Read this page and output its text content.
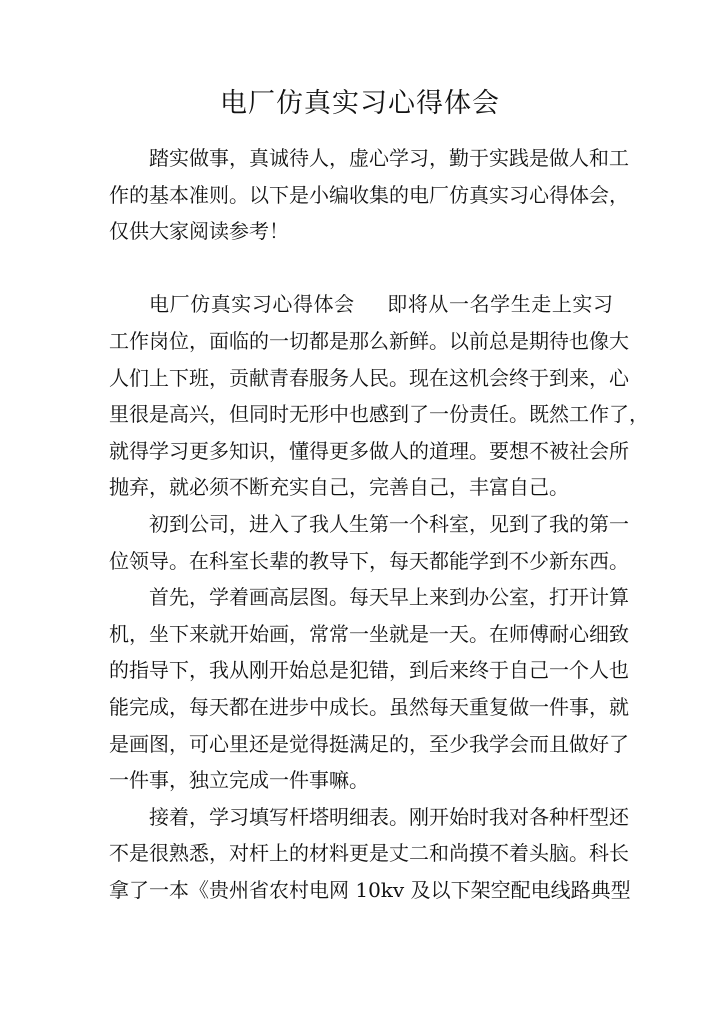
电厂仿真实习心得体会
踏实做事，真诚待人，虚心学习，勤于实践是做人和工
作的基本准则。以下是小编收集的电厂仿真实习心得体会，
仅供大家阅读参考！
电厂仿真实习心得体会 即将从一名学生走上实习
工作岗位，面临的一切都是那么新鲜。以前总是期待也像大
人们上下班，贡献青春服务人民。现在这机会终于到来，心
里很是高兴，但同时无形中也感到了一份责任。既然工作了，
就得学习更多知识，懂得更多做人的道理。要想不被社会所
抛弃，就必须不断充实自己，完善自己，丰富自己。
初到公司，进入了我人生第一个科室，见到了我的第一
位领导。在科室长辈的教导下，每天都能学到不少新东西。
首先，学着画高层图。每天早上来到办公室，打开计算
机，坐下来就开始画，常常一坐就是一天。在师傅耐心细致
的指导下，我从刚开始总是犯错，到后来终于自己一个人也
能完成，每天都在进步中成长。虽然每天重复做一件事，就
是画图，可心里还是觉得挺满足的，至少我学会而且做好了
一件事，独立完成一件事嘛。
接着，学习填写杆塔明细表。刚开始时我对各种杆型还
不是很熟悉，对杆上的材料更是丈二和尚摸不着头脑。科长
拿了一本《贵州省农村电网 10kv 及以下架空配电线路典型
